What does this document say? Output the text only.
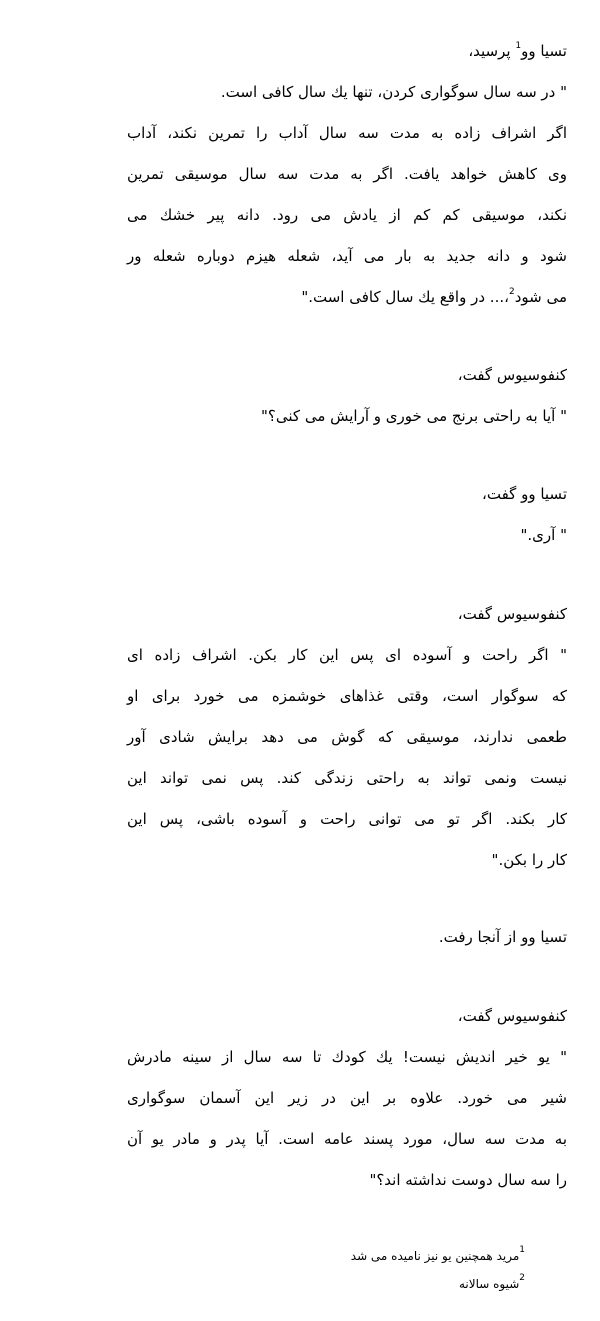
تسیا وو$^1$ پرسید،
" در سه سال سوگواری کردن، تنها یك سال کافی است.
اگر اشراف زاده به مدت سه سال آداب را تمرین نکند، آداب
وی کاهش خواهد یافت. اگر به مدت سه سال موسیقی تمرین
نکند، موسیقی کم کم از یادش می رود. دانه پیر خشك می
شود و دانه جدید به بار می آید، شعله هیزم دوباره شعله ور
می شود$^2$،... در واقع یك سال کافی است."
کنفوسیوس گفت،
" آیا به راحتی برنج می خوری و آرایش می کنی؟"
تسیا وو گفت،
" آری."
کنفوسیوس گفت،
" اگر راحت و آسوده ای پس این کار بکن. اشراف زاده ای
که سوگوار است، وقتی غذاهای خوشمزه می خورد برای او
طعمی ندارند، موسیقی که گوش می دهد برایش شادی آور
نیست ونمی تواند به راحتی زندگی کند. پس نمی تواند این
کار بکند. اگر تو می توانی راحت و آسوده باشی، پس این
کار را بکن."
تسیا وو از آنجا رفت.
کنفوسیوس گفت،
" یو خیر اندیش نیست! یك کودك تا سه سال از سینه مادرش
شیر می خورد. علاوه بر این در زیر این آسمان سوگواری
به مدت سه سال، مورد پسند عامه است. آیا پدر و مادر یو آن
را سه سال دوست نداشته اند؟"
$^1$مرید همچنین یو نیز نامیده می شد
$^2$شیوه سالانه
